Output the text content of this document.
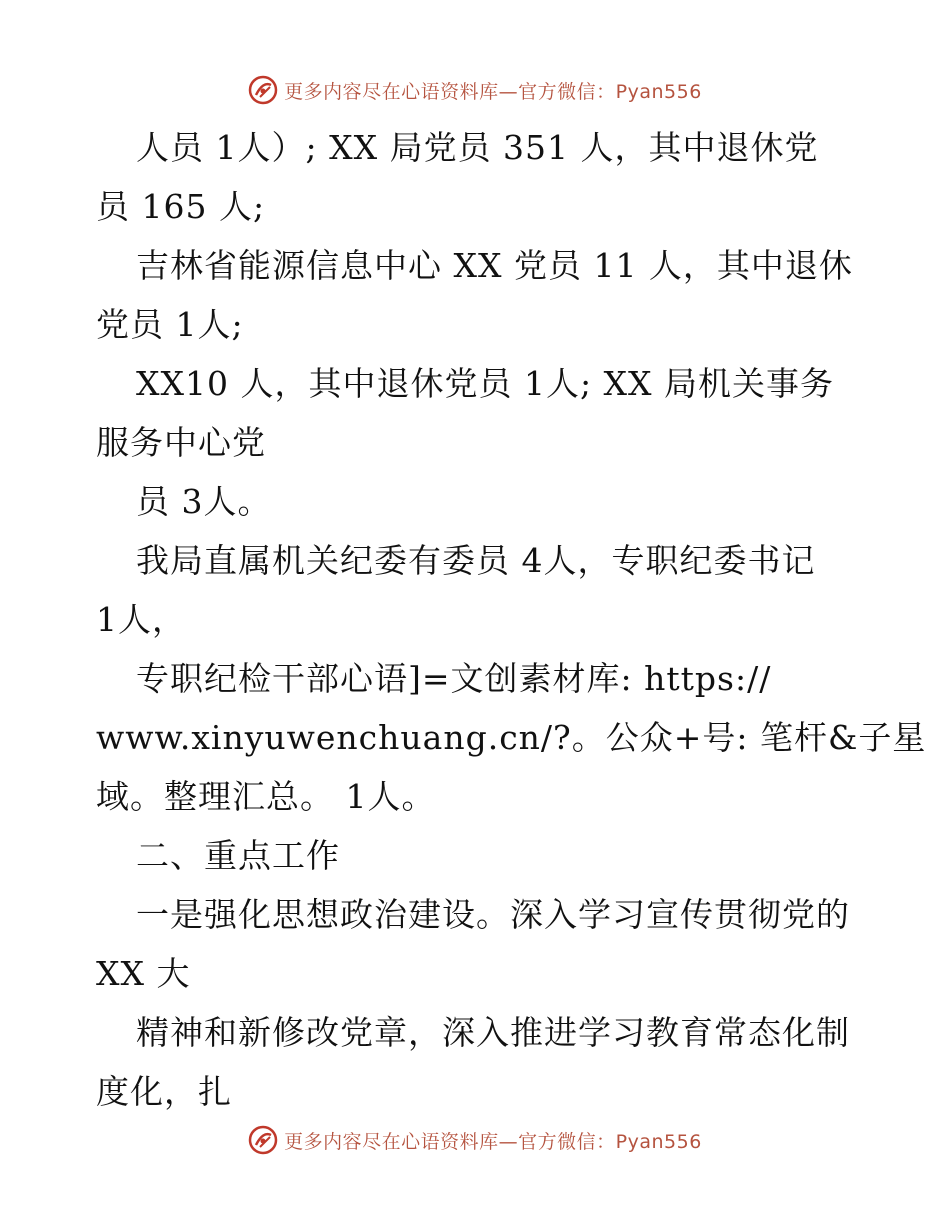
更多内容尽在心语资料库—官方微信：Pyan556
人员 1人）; XX 局党员 351 人，其中退休党
员 165 人;
吉林省能源信息中心 XX 党员 11 人，其中退休
党员 1人;
XX10 人，其中退休党员 1人; XX 局机关事务
服务中心党
员 3人。
我局直属机关纪委有委员 4人，专职纪委书记
1人，
专职纪检干部心语]=文创素材库: https://
www.xinyuwenchuang.cn/?。公众+号: 笔杆&子星
域。整理汇总。 1人。
二、重点工作
一是强化思想政治建设。深入学习宣传贯彻党的
XX 大
精神和新修改党章，深入推进学习教育常态化制
度化，扎
更多内容尽在心语资料库—官方微信：Pyan556
